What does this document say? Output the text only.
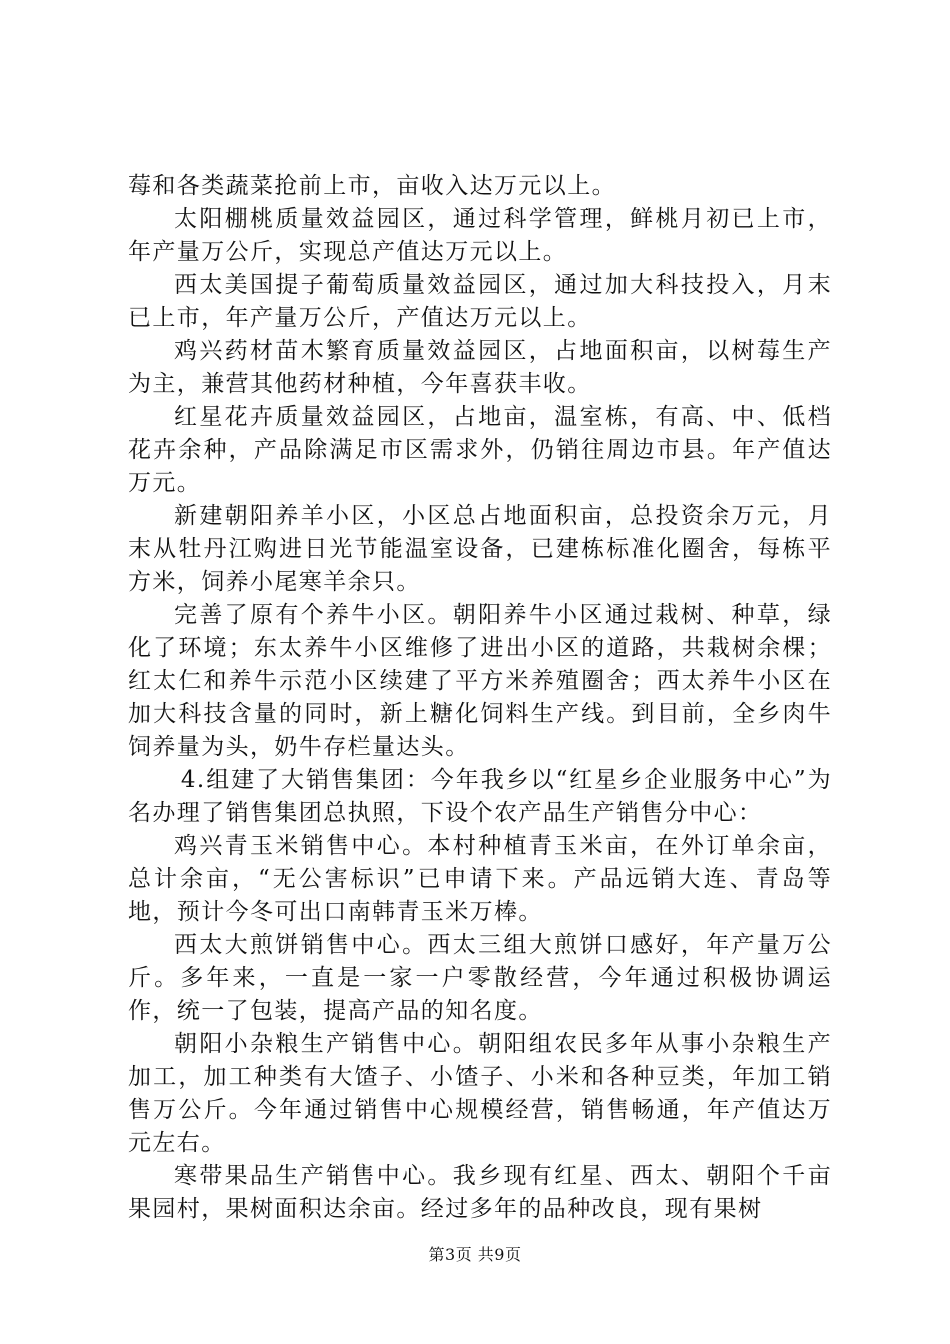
莓和各类蔬菜抢前上市，亩收入达万元以上。

太阳棚桃质量效益园区，通过科学管理，鲜桃月初已上市，年产量万公斤，实现总产值达万元以上。

西太美国提子葡萄质量效益园区，通过加大科技投入，月末已上市，年产量万公斤，产值达万元以上。

鸡兴药材苗木繁育质量效益园区，占地面积亩，以树莓生产为主，兼营其他药材种植，今年喜获丰收。

红星花卉质量效益园区，占地亩，温室栋，有高、中、低档花卉余种，产品除满足市区需求外，仍销往周边市县。年产值达万元。

新建朝阳养羊小区，小区总占地面积亩，总投资余万元，月末从牡丹江购进日光节能温室设备，已建栋标准化圈舍，每栋平方米，饲养小尾寒羊余只。

完善了原有个养牛小区。朝阳养牛小区通过栽树、种草，绿化了环境；东太养牛小区维修了进出小区的道路，共栽树余棵；红太仁和养牛示范小区续建了平方米养殖圈舍；西太养牛小区在加大科技含量的同时，新上糖化饲料生产线。到目前，全乡肉牛饲养量为头，奶牛存栏量达头。

4.组建了大销售集团：今年我乡以“红星乡企业服务中心”为名办理了销售集团总执照，下设个农产品生产销售分中心：

鸡兴青玉米销售中心。本村种植青玉米亩，在外订单余亩，总计余亩，“无公害标识”已申请下来。产品远销大连、青岛等地，预计今冬可出口南韩青玉米万棒。

西太大煎饼销售中心。西太三组大煎饼口感好，年产量万公斤。多年来，一直是一家一户零散经营，今年通过积极协调运作，统一了包装，提高产品的知名度。

朝阳小杂粮生产销售中心。朝阳组农民多年从事小杂粮生产加工，加工种类有大馇子、小馇子、小米和各种豆类，年加工销售万公斤。今年通过销售中心规模经营，销售畅通，年产值达万元左右。

寒带果品生产销售中心。我乡现有红星、西太、朝阳个千亩果园村，果树面积达余亩。经过多年的品种改良，现有果树

第3页 共9页
